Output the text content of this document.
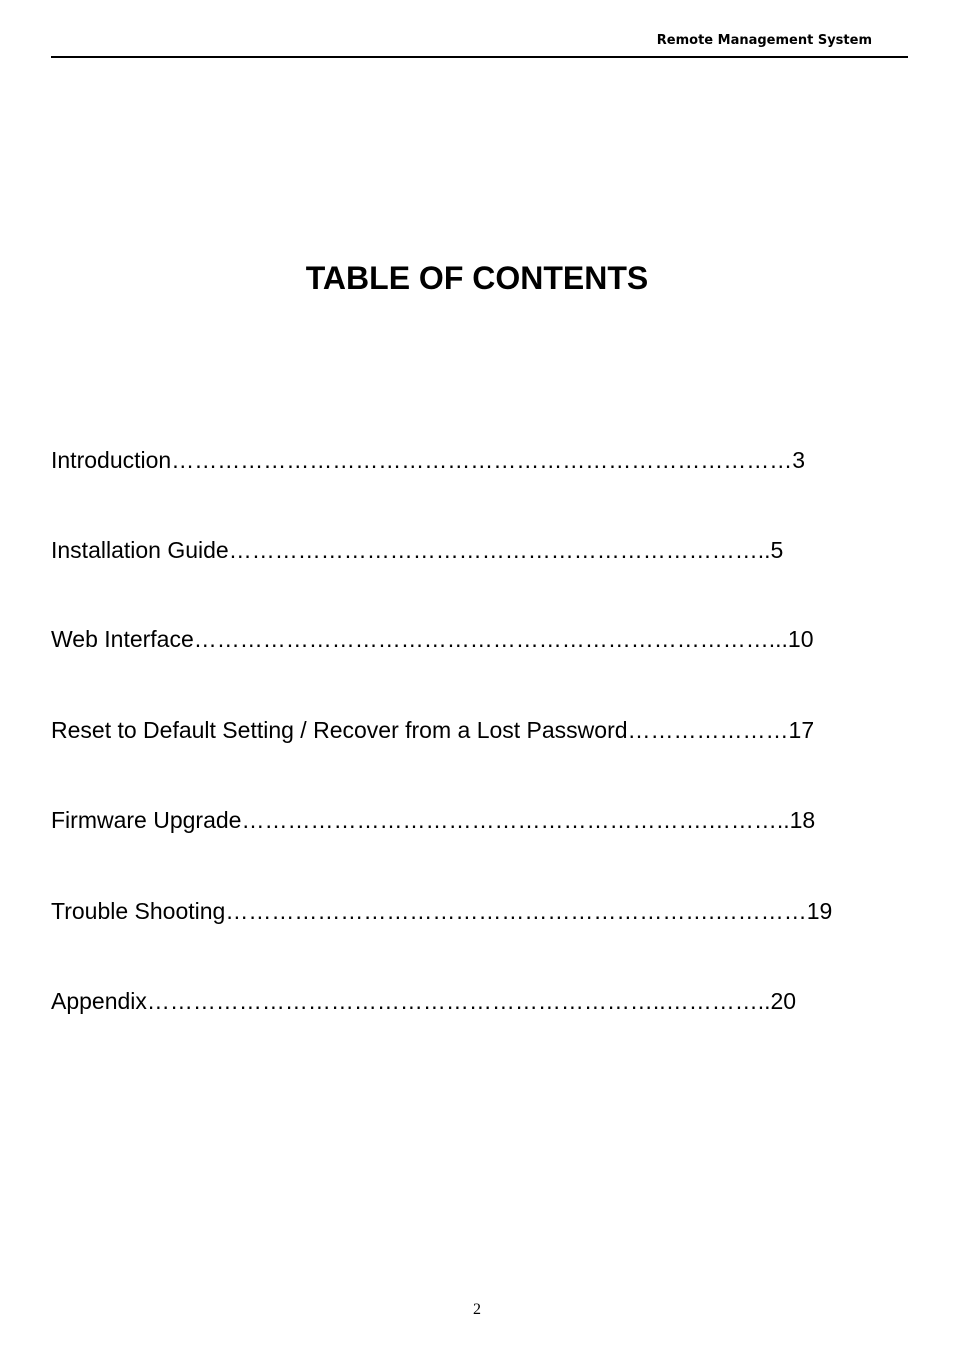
Remote Management System
TABLE OF CONTENTS
Introduction………………………………………………………………………3
Installation Guide……………………………………………………………..5
Web Interface…………………………………………………………………...10
Reset to Default Setting / Recover from a Lost Password…………………17
Firmware Upgrade…………………………………………………….………..18
Trouble Shooting……………………………………………………….…………19
Appendix…………………………………………………………..…………..20
2
